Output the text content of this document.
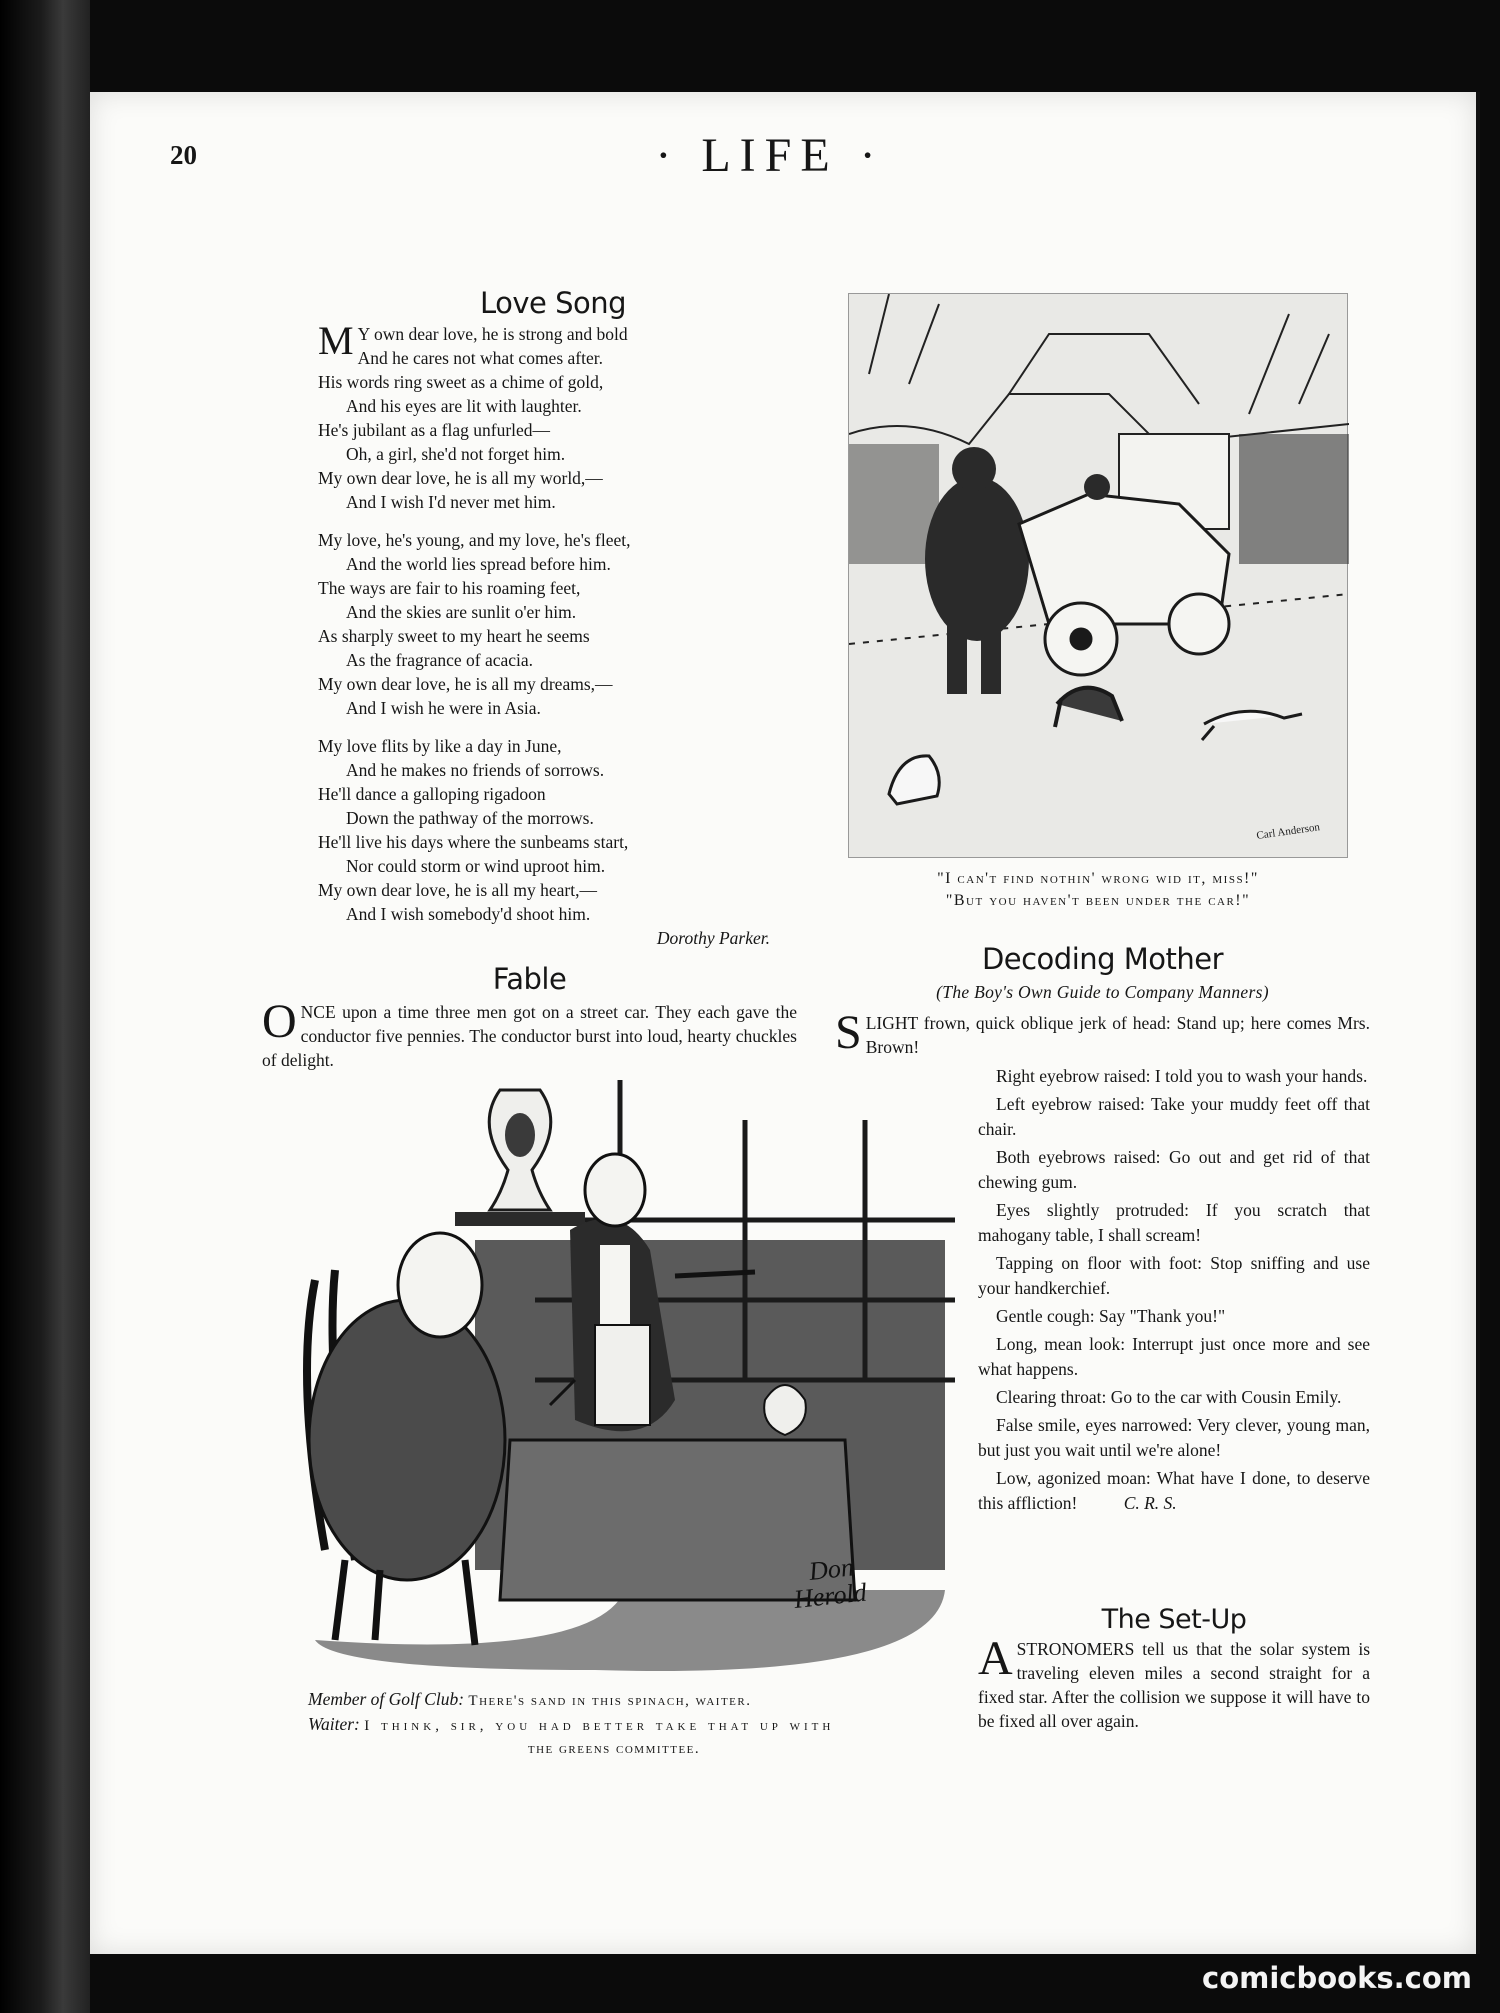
20	· LIFE ·
Love Song
M Y own dear love, he is strong and bold
And he cares not what comes after.
His words ring sweet as a chime of gold,
And his eyes are lit with laughter.
He's jubilant as a flag unfurled—
Oh, a girl, she'd not forget him.
My own dear love, he is all my world,—
And I wish I'd never met him.
My love, he's young, and my love, he's fleet,
And the world lies spread before him.
The ways are fair to his roaming feet,
And the skies are sunlit o'er him.
As sharply sweet to my heart he seems
As the fragrance of acacia.
My own dear love, he is all my dreams,—
And I wish he were in Asia.
My love flits by like a day in June,
And he makes no friends of sorrows.
He'll dance a galloping rigadoon
Down the pathway of the morrows.
He'll live his days where the sunbeams start,
Nor could storm or wind uproot him.
My own dear love, he is all my heart,—
And I wish somebody'd shoot him.
Dorothy Parker.
Fable
ONCE upon a time three men got on a street car. They each gave the conductor five pennies. The conductor burst into loud, hearty chuckles of delight.
Carl Anderson
"I can't find nothin' wrong wid it, miss!"
"But you haven't been under the car!"
Decoding Mother
(The Boy's Own Guide to Company Manners)
SLIGHT frown, quick oblique jerk of head: Stand up; here comes Mrs. Brown!
Right eyebrow raised: I told you to wash your hands.
Left eyebrow raised: Take your muddy feet off that chair.
Both eyebrows raised: Go out and get rid of that chewing gum.
Eyes slightly protruded: If you scratch that mahogany table, I shall scream!
Tapping on floor with foot: Stop sniffing and use your handkerchief.
Gentle cough: Say "Thank you!"
Long, mean look: Interrupt just once more and see what happens.
Clearing throat: Go to the car with Cousin Emily.
False smile, eyes narrowed: Very clever, young man, but just you wait until we're alone!
Low, agonized moan: What have I done, to deserve this affliction!	C. R. S.
The Set-Up
ASTRONOMERS tell us that the solar system is traveling eleven miles a second straight for a fixed star. After the collision we suppose it will have to be fixed all over again.
Don
Herold
Member of Golf Club: There's sand in this spinach, waiter.
Waiter: I think, sir, you had better take that up with
the greens committee.
comicbooks.com
